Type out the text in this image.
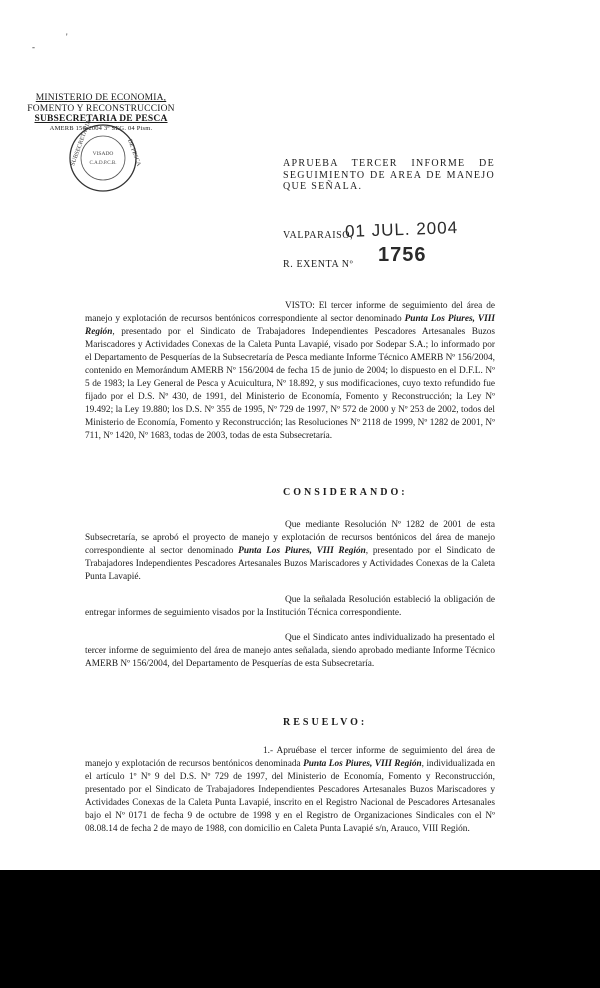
'
-
MINISTERIO DE ECONOMIA,
FOMENTO Y RECONSTRUCCION
SUBSECRETARIA DE PESCA
AMERB 156-2004 3º SEG. 04 Pism.
SUBSECRETARIA	DE PESCA
VISADO
C.A.D.P.C.B.	APRUEBA TERCER INFORME DE SEGUIMIENTO DE AREA DE MANEJO QUE SEÑALA.
VALPARAISO,
01 JUL. 2004
R. EXENTA Nº 1756

VISTO: El tercer informe de seguimiento del área de manejo y explotación de recursos bentónicos correspondiente al sector denominado Punta Los Piures, VIII Región, presentado por el Sindicato de Trabajadores Independientes Pescadores Artesanales Buzos Mariscadores y Actividades Conexas de la Caleta Punta Lavapié, visado por Sodepar S.A.; lo informado por el Departamento de Pesquerías de la Subsecretaría de Pesca mediante Informe Técnico AMERB Nº 156/2004, contenido en Memorándum AMERB Nº 156/2004 de fecha 15 de junio de 2004; lo dispuesto en el D.F.L. Nº 5 de 1983; la Ley General de Pesca y Acuicultura, Nº 18.892, y sus modificaciones, cuyo texto refundido fue fijado por el D.S. Nº 430, de 1991, del Ministerio de Economía, Fomento y Reconstrucción; la Ley Nº 19.492; la Ley 19.880; los D.S. Nº 355 de 1995, Nº 729 de 1997, Nº 572 de 2000 y Nº 253 de 2002, todos del Ministerio de Economía, Fomento y Reconstrucción; las Resoluciones Nº 2118 de 1999, Nº 1282 de 2001, Nº 711, Nº 1420, Nº 1683, todas de 2003, todas de esta Subsecretaría.

CONSIDERANDO:

Que mediante Resolución Nº 1282 de 2001 de esta Subsecretaría, se aprobó el proyecto de manejo y explotación de recursos bentónicos del área de manejo correspondiente al sector denominado Punta Los Piures, VIII Región, presentado por el Sindicato de Trabajadores Independientes Pescadores Artesanales Buzos Mariscadores y Actividades Conexas de la Caleta Punta Lavapié.

Que la señalada Resolución estableció la obligación de entregar informes de seguimiento visados por la Institución Técnica correspondiente.

Que el Sindicato antes individualizado ha presentado el tercer informe de seguimiento del área de manejo antes señalada, siendo aprobado mediante Informe Técnico AMERB Nº 156/2004, del Departamento de Pesquerías de esta Subsecretaría.

RESUELVO:

1.- Apruébase el tercer informe de seguimiento del área de manejo y explotación de recursos bentónicos denominada Punta Los Piures, VIII Región, individualizada en el artículo 1º Nº 9 del D.S. Nº 729 de 1997, del Ministerio de Economía, Fomento y Reconstrucción, presentado por el Sindicato de Trabajadores Independientes Pescadores Artesanales Buzos Mariscadores y Actividades Conexas de la Caleta Punta Lavapié, inscrito en el Registro Nacional de Pescadores Artesanales bajo el Nº 0171 de fecha 9 de octubre de 1998 y en el Registro de Organizaciones Sindicales con el Nº 08.08.14 de fecha 2 de mayo de 1988, con domicilio en Caleta Punta Lavapié s/n, Arauco, VIII Región.
